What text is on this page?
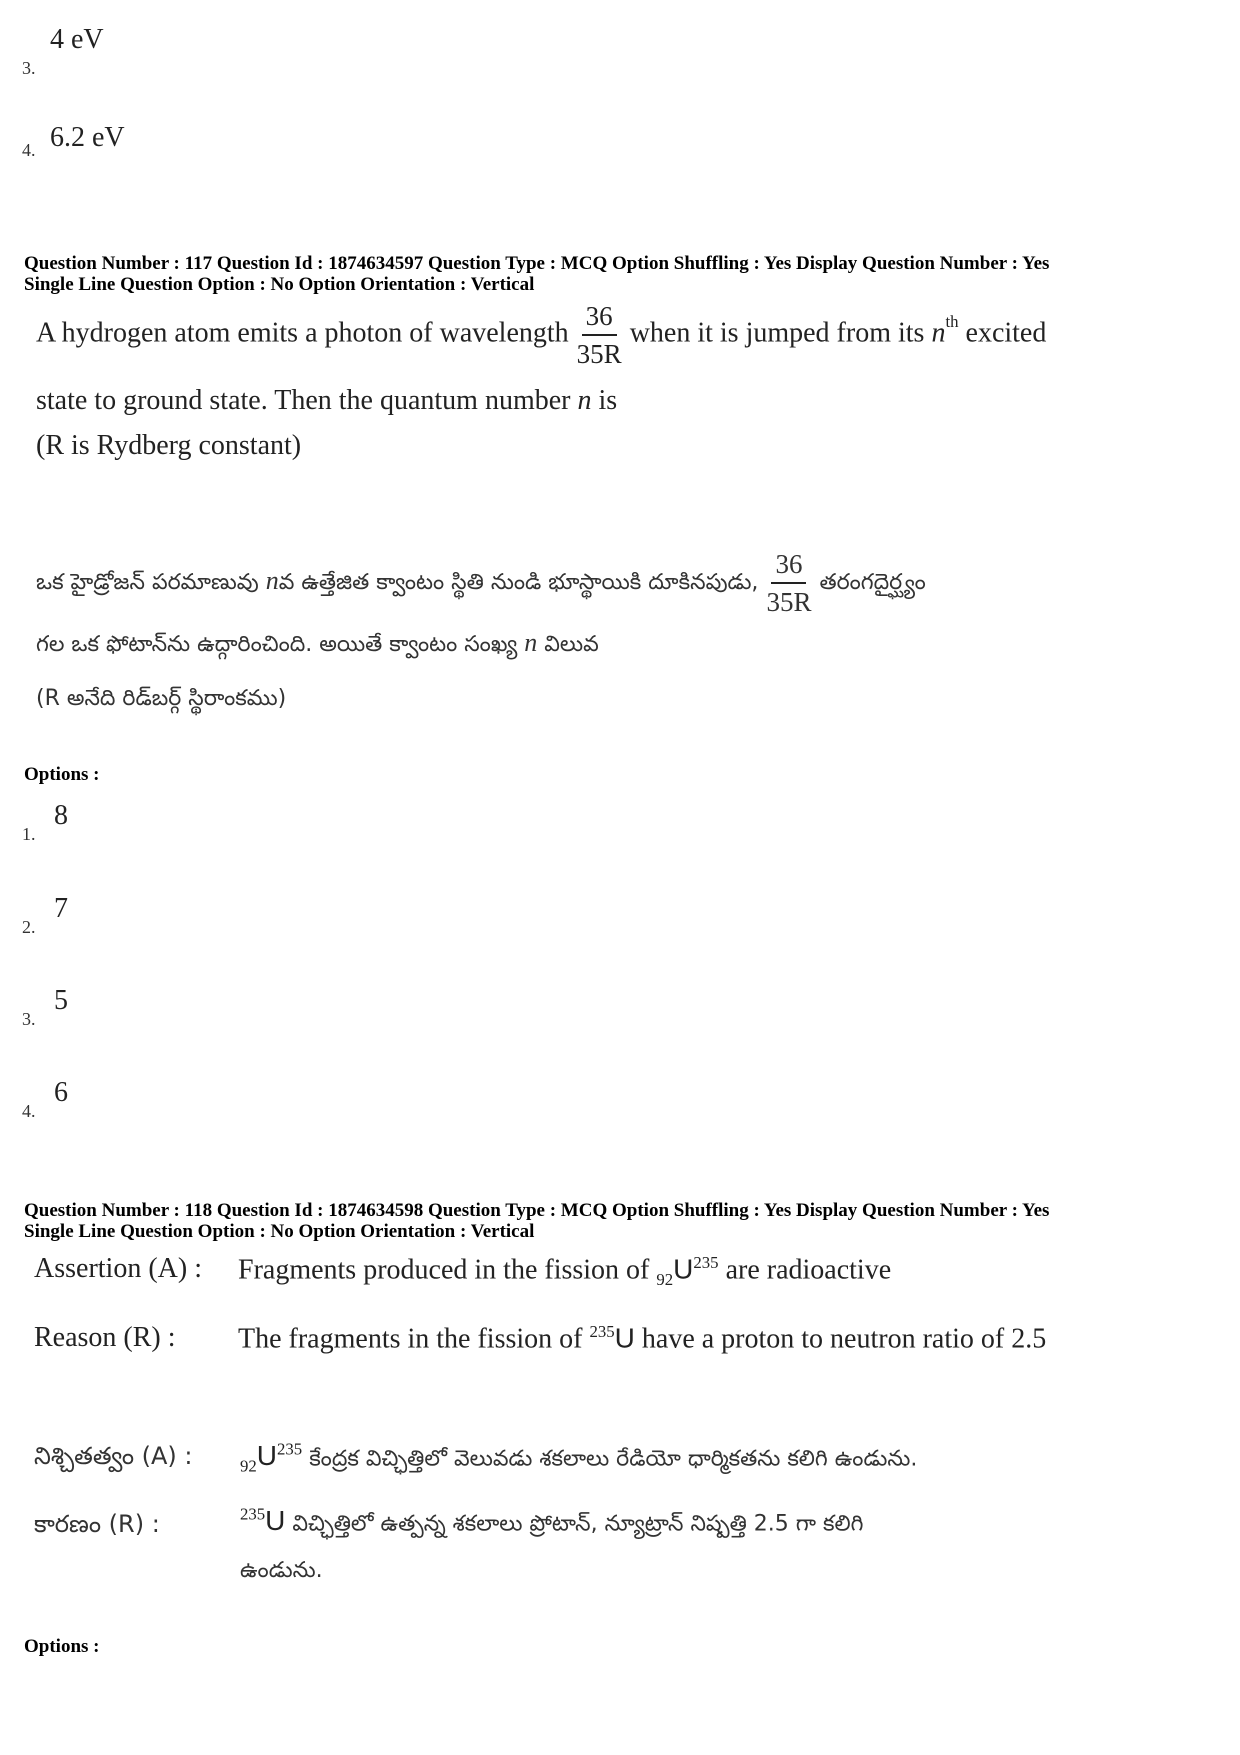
3.
4 eV
4. 6.2 eV
Question Number : 117 Question Id : 1874634597 Question Type : MCQ Option Shuffling : Yes Display Question Number : Yes
Single Line Question Option : No Option Orientation : Vertical
A hydrogen atom emits a photon of wavelength $\frac{36}{35R}$ when it is jumped from its $n^{th}$ excited
state to ground state. Then the quantum number n is
(R is Rydberg constant)
ఒక హైడ్రోజన్ పరమాణువు nవ ఉత్తేజిత క్వాంటం స్థితి నుండి భూస్థాయికి దూకినపుడు, $\frac{36}{35R}$ తరంగదైర్ఘ్యం
గల ఒక ఫోటాన్‌ను ఉద్గారించింది. అయితే క్వాంటం సంఖ్య n విలువ
(R అనేది రిడ్‌బర్గ్ స్థిరాంకము)
Options :
1.
8
2.
7
3.
5
4.
6
Question Number : 118 Question Id : 1874634598 Question Type : MCQ Option Shuffling : Yes Display Question Number : Yes
Single Line Question Option : No Option Orientation : Vertical
Assertion (A) : Fragments produced in the fission of $_{92}U^{235}$ are radioactive
Reason (R) : The fragments in the fission of $^{235}$U have a proton to neutron ratio of 2.5
నిశ్చితత్వం (A) :	$_{92}U^{235}$ కేంద్రక విచ్ఛిత్తిలో వెలువడు శకలాలు రేడియో ధార్మికతను కలిగి ఉండును.
కారణం (R) :	$^{235}$U విచ్ఛిత్తిలో ఉత్పన్న శకలాలు ప్రోటాన్, న్యూట్రాన్ నిష్పత్తి 2.5 గా కలిగి
ఉండును.
Options :
